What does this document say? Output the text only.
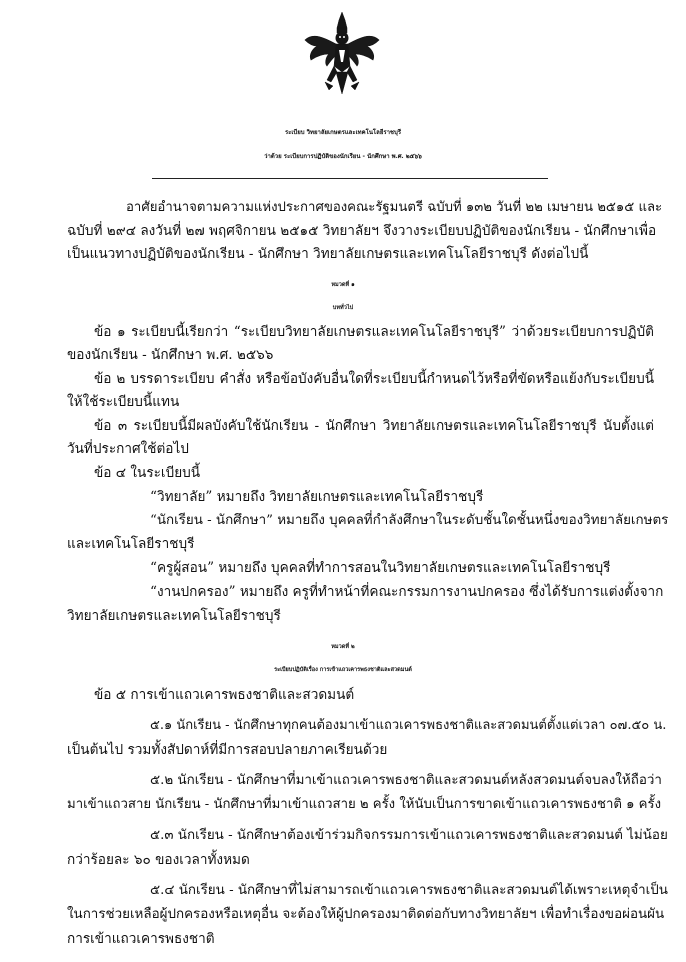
ระเบียบ วิทยาลัยเกษตรและเทคโนโลยีราชบุรี
ว่าด้วย ระเบียบการปฏิบัติของนักเรียน - นักศึกษา พ.ศ. ๒๕๖๖
อาศัยอำนาจตามความแห่งประกาศของคณะรัฐมนตรี ฉบับที่ ๑๓๒ วันที่ ๒๒ เมษายน ๒๕๑๕ และ
ฉบับที่ ๒๙๔ ลงวันที่ ๒๗ พฤศจิกายน ๒๕๑๕ วิทยาลัยฯ จึงวางระเบียบปฏิบัติของนักเรียน - นักศึกษาเพื่อ
เป็นแนวทางปฏิบัติของนักเรียน - นักศึกษา วิทยาลัยเกษตรและเทคโนโลยีราชบุรี ดังต่อไปนี้
หมวดที่ ๑
บททั่วไป
ข้อ ๑ ระเบียบนี้เรียกว่า “ระเบียบวิทยาลัยเกษตรและเทคโนโลยีราชบุรี” ว่าด้วยระเบียบการปฏิบัติ
ของนักเรียน - นักศึกษา พ.ศ. ๒๕๖๖
ข้อ ๒ บรรดาระเบียบ คำสั่ง หรือข้อบังคับอื่นใดที่ระเบียบนี้กำหนดไว้หรือที่ขัดหรือแย้งกับระเบียบนี้
ให้ใช้ระเบียบนี้แทน
ข้อ ๓ ระเบียบนี้มีผลบังคับใช้นักเรียน - นักศึกษา วิทยาลัยเกษตรและเทคโนโลยีราชบุรี นับตั้งแต่
วันที่ประกาศใช้ต่อไป
ข้อ ๔ ในระเบียบนี้
“วิทยาลัย” หมายถึง วิทยาลัยเกษตรและเทคโนโลยีราชบุรี
“นักเรียน - นักศึกษา” หมายถึง บุคคลที่กำลังศึกษาในระดับชั้นใดชั้นหนึ่งของวิทยาลัยเกษตร
และเทคโนโลยีราชบุรี
“ครูผู้สอน” หมายถึง บุคคลที่ทำการสอนในวิทยาลัยเกษตรและเทคโนโลยีราชบุรี
“งานปกครอง” หมายถึง ครูที่ทำหน้าที่คณะกรรมการงานปกครอง ซึ่งได้รับการแต่งตั้งจาก
วิทยาลัยเกษตรและเทคโนโลยีราชบุรี
หมวดที่ ๒
ระเบียบปฏิบัติเรื่อง การเข้าแถวเคารพธงชาติและสวดมนต์
ข้อ ๕ การเข้าแถวเคารพธงชาติและสวดมนต์
๕.๑ นักเรียน - นักศึกษาทุกคนต้องมาเข้าแถวเคารพธงชาติและสวดมนต์ตั้งแต่เวลา ๐๗.๕๐ น.
เป็นต้นไป รวมทั้งสัปดาห์ที่มีการสอบปลายภาคเรียนด้วย
๕.๒ นักเรียน - นักศึกษาที่มาเข้าแถวเคารพธงชาติและสวดมนต์หลังสวดมนต์จบลงให้ถือว่า
มาเข้าแถวสาย นักเรียน - นักศึกษาที่มาเข้าแถวสาย ๒ ครั้ง ให้นับเป็นการขาดเข้าแถวเคารพธงชาติ ๑ ครั้ง
๕.๓ นักเรียน - นักศึกษาต้องเข้าร่วมกิจกรรมการเข้าแถวเคารพธงชาติและสวดมนต์ ไม่น้อย
กว่าร้อยละ ๖๐ ของเวลาทั้งหมด
๕.๔ นักเรียน - นักศึกษาที่ไม่สามารถเข้าแถวเคารพธงชาติและสวดมนต์ได้เพราะเหตุจำเป็น
ในการช่วยเหลือผู้ปกครองหรือเหตุอื่น จะต้องให้ผู้ปกครองมาติดต่อกับทางวิทยาลัยฯ เพื่อทำเรื่องขอผ่อนผัน
การเข้าแถวเคารพธงชาติ
